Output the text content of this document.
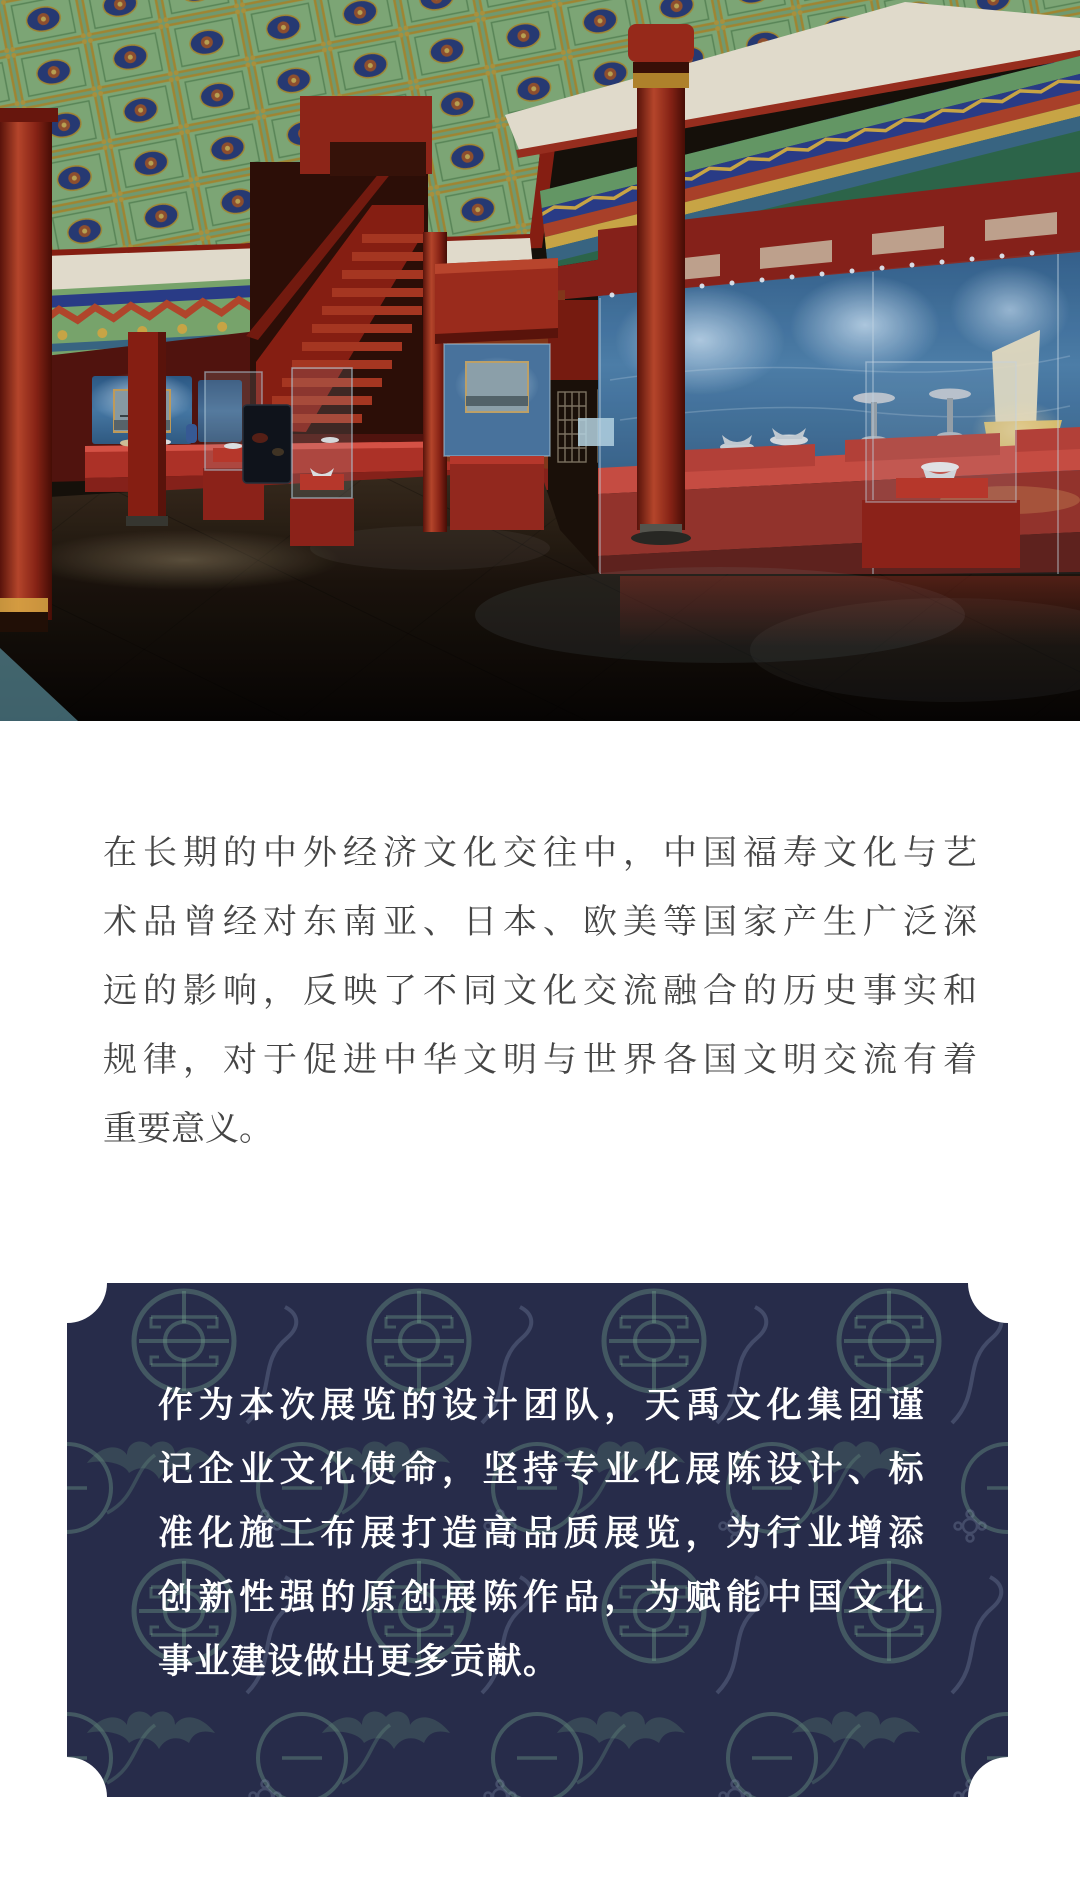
在长期的中外经济文化交往中，中国福寿文化与艺
术品曾经对东南亚、日本、欧美等国家产生广泛深
远的影响，反映了不同文化交流融合的历史事实和
规律，对于促进中华文明与世界各国文明交流有着
重要意义。
作为本次展览的设计团队，天禹文化集团谨
记企业文化使命，坚持专业化展陈设计、标
准化施工布展打造高品质展览，为行业增添
创新性强的原创展陈作品，为赋能中国文化
事业建设做出更多贡献。
